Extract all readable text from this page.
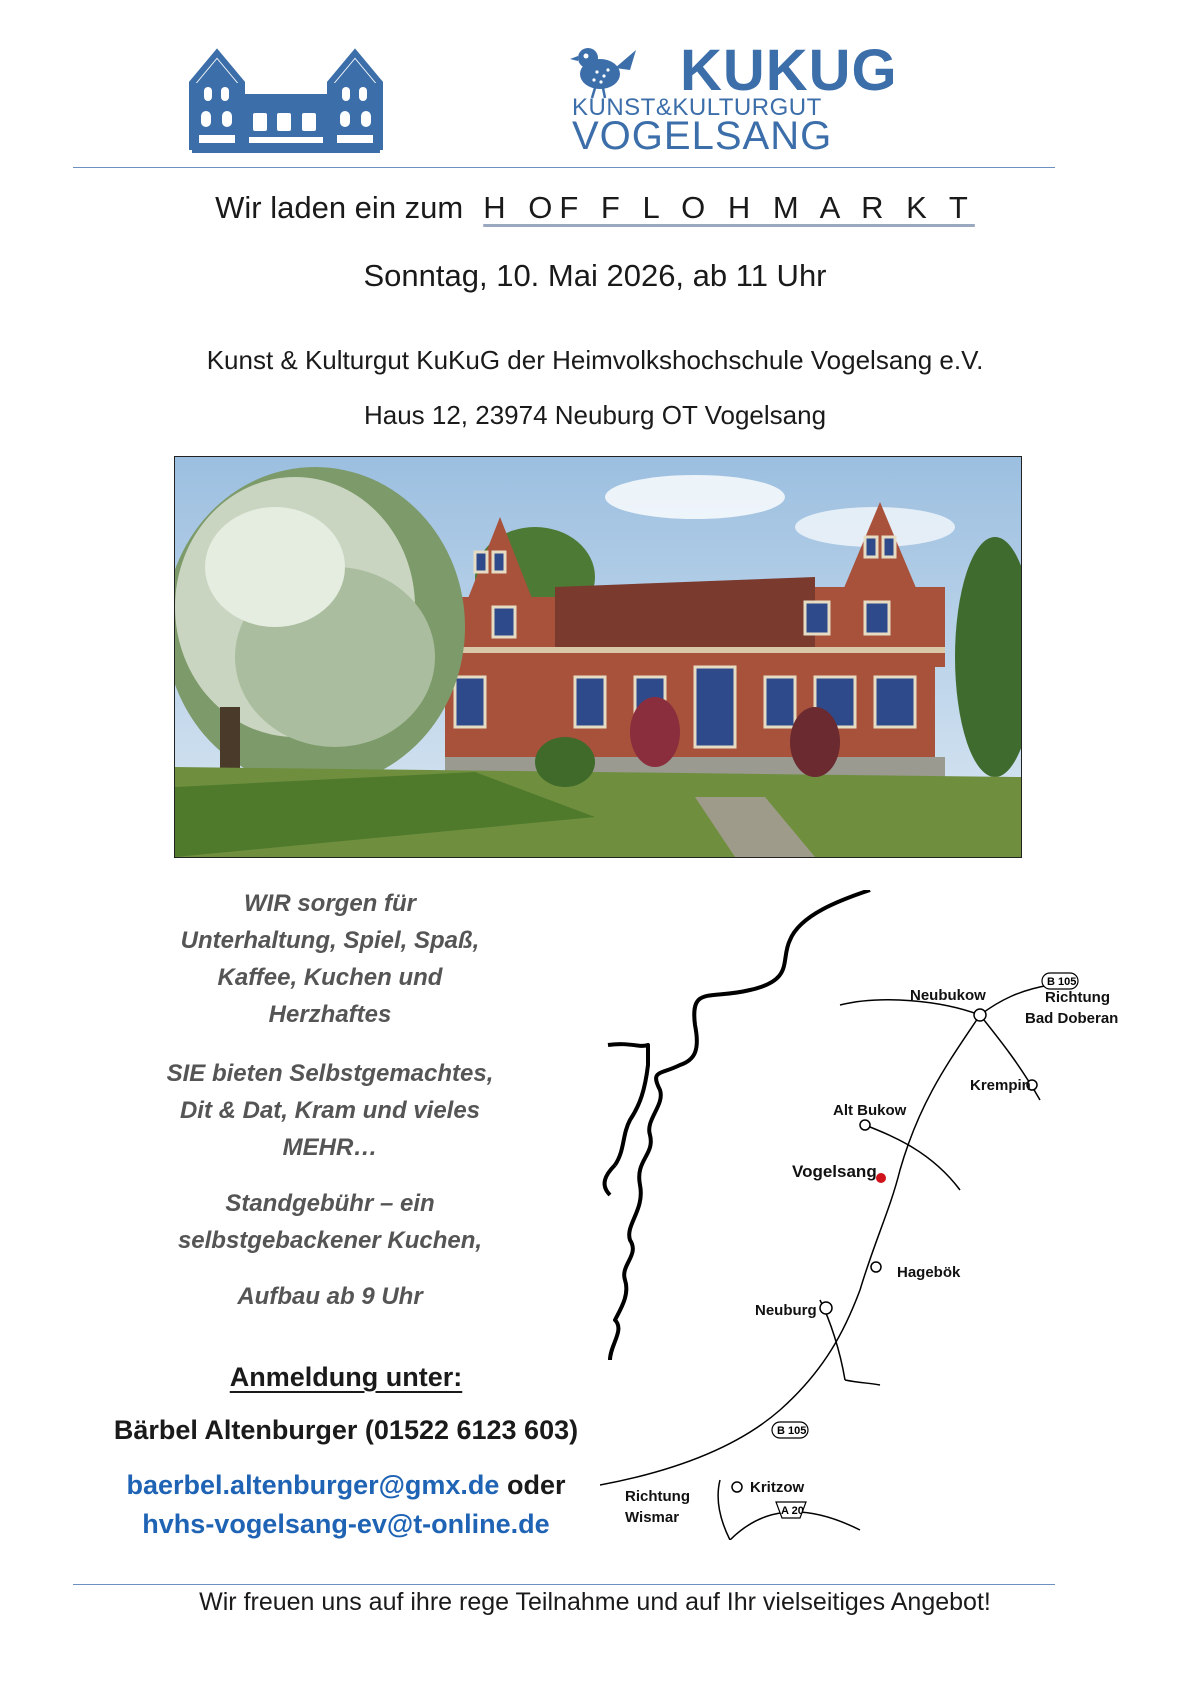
KUKUG
KUNST&KULTURGUT
VOGELSANG
Wir laden ein zum H OF F L O H M A R K T
Sonntag, 10. Mai 2026, ab 11 Uhr
Kunst & Kulturgut KuKuG der Heimvolkshochschule Vogelsang e.V.
Haus 12, 23974 Neuburg OT Vogelsang
WIR sorgen für
Unterhaltung, Spiel, Spaß,
Kaffee, Kuchen und
Herzhaftes
SIE bieten Selbstgemachtes,
Dit & Dat, Kram und vieles
MEHR…
Standgebühr – ein
selbstgebackener Kuchen,
Aufbau ab 9 Uhr
Anmeldung unter:
Bärbel Altenburger (01522 6123 603)
baerbel.altenburger@gmx.de oder
hvhs-vogelsang-ev@t-online.de
Neubukow	Richtung
Bad Doberan
Krempin
Alt Bukow
Vogelsang
Hagebök
Neuburg
Kritzow
Richtung
Wismar
B 105
B 105
A 20
Wir freuen uns auf ihre rege Teilnahme und auf Ihr vielseitiges Angebot!
